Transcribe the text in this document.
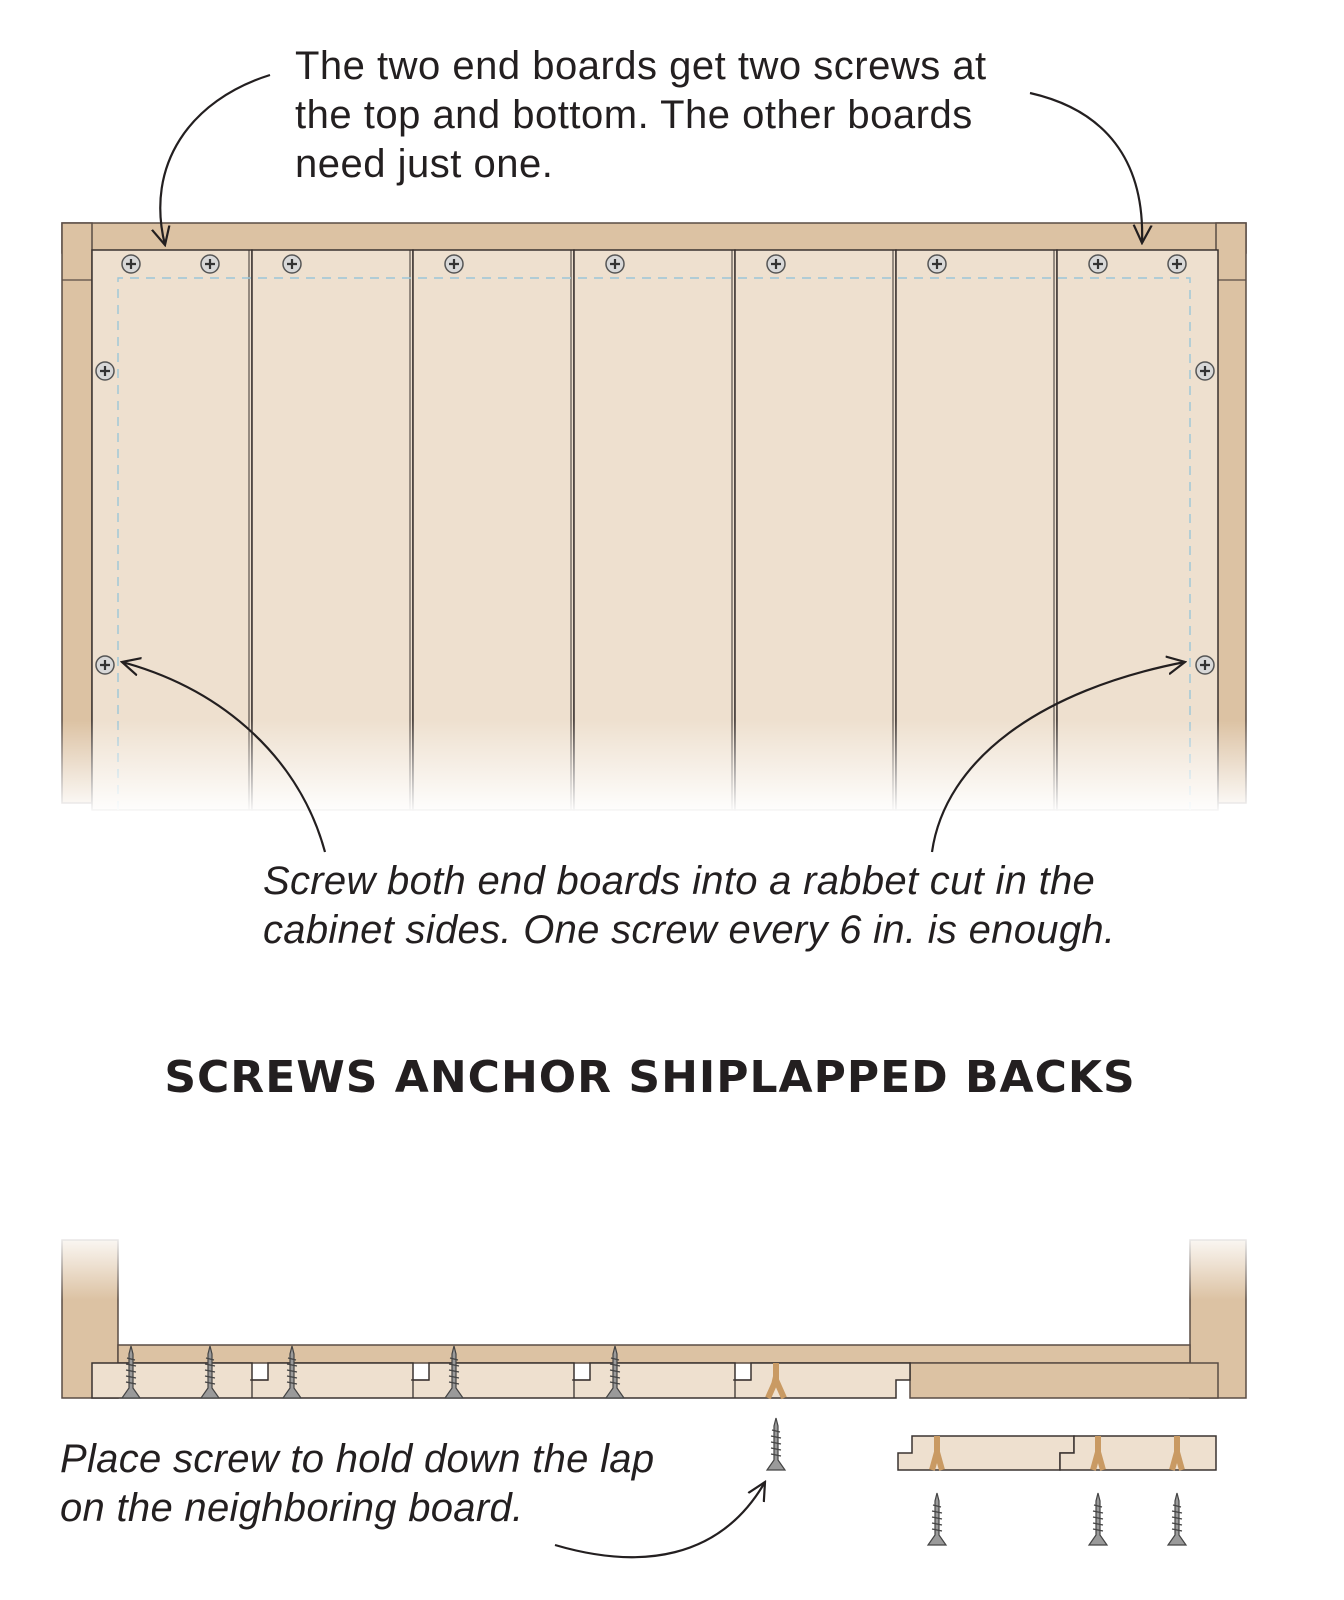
The two end boards get two screws at the top and bottom. The other boards need just one.

Screw both end boards into a rabbet cut in the cabinet sides. One screw every 6 in. is enough.

SCREWS ANCHOR SHIPLAPPED BACKS

Place screw to hold down the lap on the neighboring board.
